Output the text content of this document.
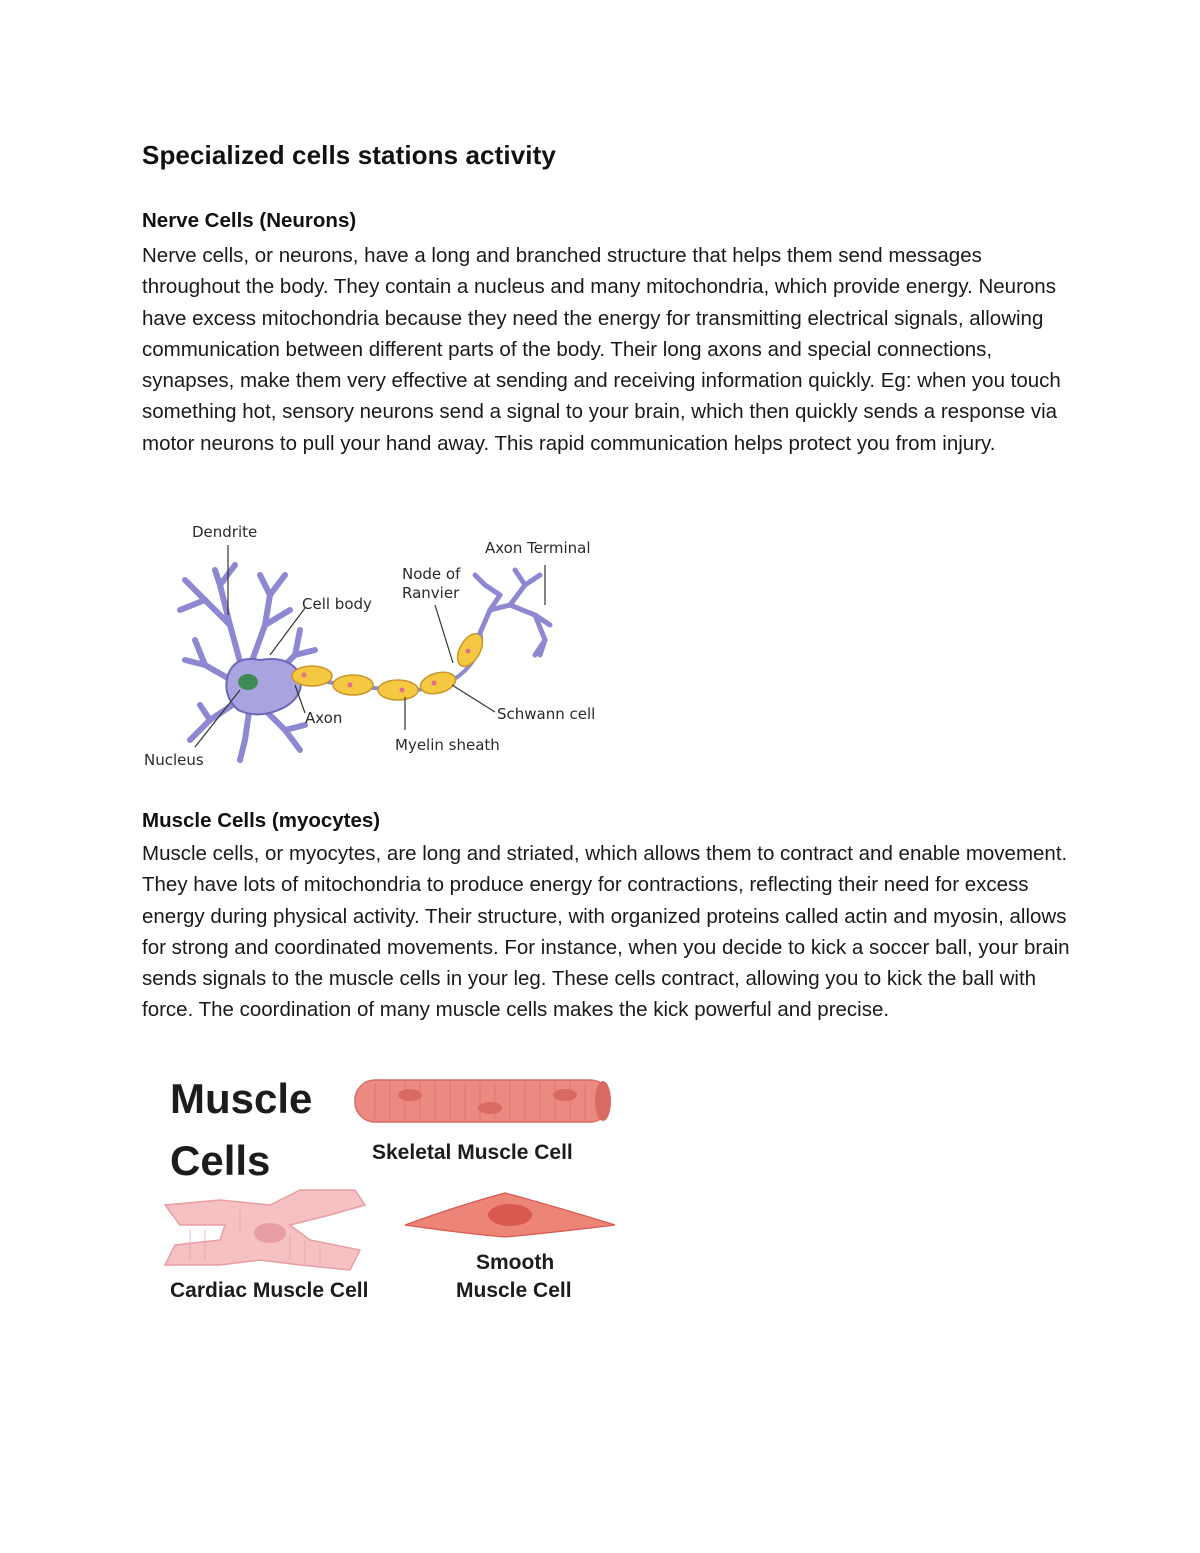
Specialized cells stations activity
Nerve Cells (Neurons)

Nerve cells, or neurons, have a long and branched structure that helps them send messages throughout the body. They contain a nucleus and many mitochondria, which provide energy. Neurons have excess mitochondria because they need the energy for transmitting electrical signals, allowing communication between different parts of the body. Their long axons and special connections, synapses, make them very effective at sending and receiving information quickly. Eg: when you touch something hot, sensory neurons send a signal to your brain, which then quickly sends a response via motor neurons to pull your hand away. This rapid communication helps protect you from injury.

Dendrite
Cell body
Nucleus
Axon
Myelin sheath
Node of
Ranvier
Axon Terminal
Schwann cell
Muscle Cells (myocytes)

Muscle cells, or myocytes, are long and striated, which allows them to contract and enable movement. They have lots of mitochondria to produce energy for contractions, reflecting their need for excess energy during physical activity. Their structure, with organized proteins called actin and myosin, allows for strong and coordinated movements. For instance, when you decide to kick a soccer ball, your brain sends signals to the muscle cells in your leg. These cells contract, allowing you to kick the ball with force. The coordination of many muscle cells makes the kick powerful and precise.

Muscle
Cells	Skeletal Muscle Cell
Cardiac Muscle Cell
Smooth
Muscle Cell
